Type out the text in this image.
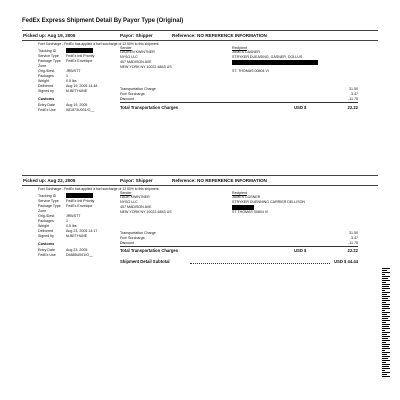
FedEx Express Shipment Detail By Payor Type (Original)
Picked up: Aug 19, 2005	Payor: Shipper	Reference: NO REFERENCE INFORMATION
Fuel Surcharge - FedEx has applied a fuel surcharge of 12.50% to this shipment.
Tracking ID
Service Type FedEx Intl Priority
Package Type FedEx Envelope
Zone
Orig./Dest.	JRB/STT
Packages	1
Weight	0.5 lbs
Delivered	Aug 19, 2005 14:48
Signed by	M.BETHUNE
Customs
Entry Date	Aug 19, 2005
FedEx Use	081873U001/O__
Sender
LAUREN KWINTNER
NYSG LLC
457 MADISON AVE
NEW YORK NY 10022-6843 US
Recipient
JAMES CASNER
STRYKER DUEASING, GASNER, DOLLUS
ST. THOMAS 00804 VI
Transportation Charge	31.50
Fuel Surcharge	3.47
Discount	-11.75
Total Transportation Charges	USD $	22.22
Picked up: Aug 22, 2005	Payor: Shipper	Reference: NO REFERENCE INFORMATION
Fuel Surcharge - FedEx has applied a fuel surcharge of 12.50% to this shipment.
Tracking ID
Service Type FedEx Intl Priority
Package Type FedEx Envelope
Zone
Orig./Dest.	JRB/STT
Packages	1
Weight	0.5 lbs
Delivered	Aug 23, 2005 14:17
Signed by	M.BETHUNE
Customs
Entry Date	Aug 23, 2005
FedEx Use	D4885U001/O__
Sender
LAUR KWINTNER
NYSG LLC
457 MADISON AVE
NEW YORK NY 10022-6843 US
Recipient
JAMES COSNER
STRYKER DUENNING CARRIER DELLISON
ST THOMAS 00804 VI
Transportation Charge	31.50
Fuel Surcharge	3.47
Discount	-11.75
Total Transportation Charges	USD $	22.22
Shipment Detail Subtotal	USD $ 44.44
